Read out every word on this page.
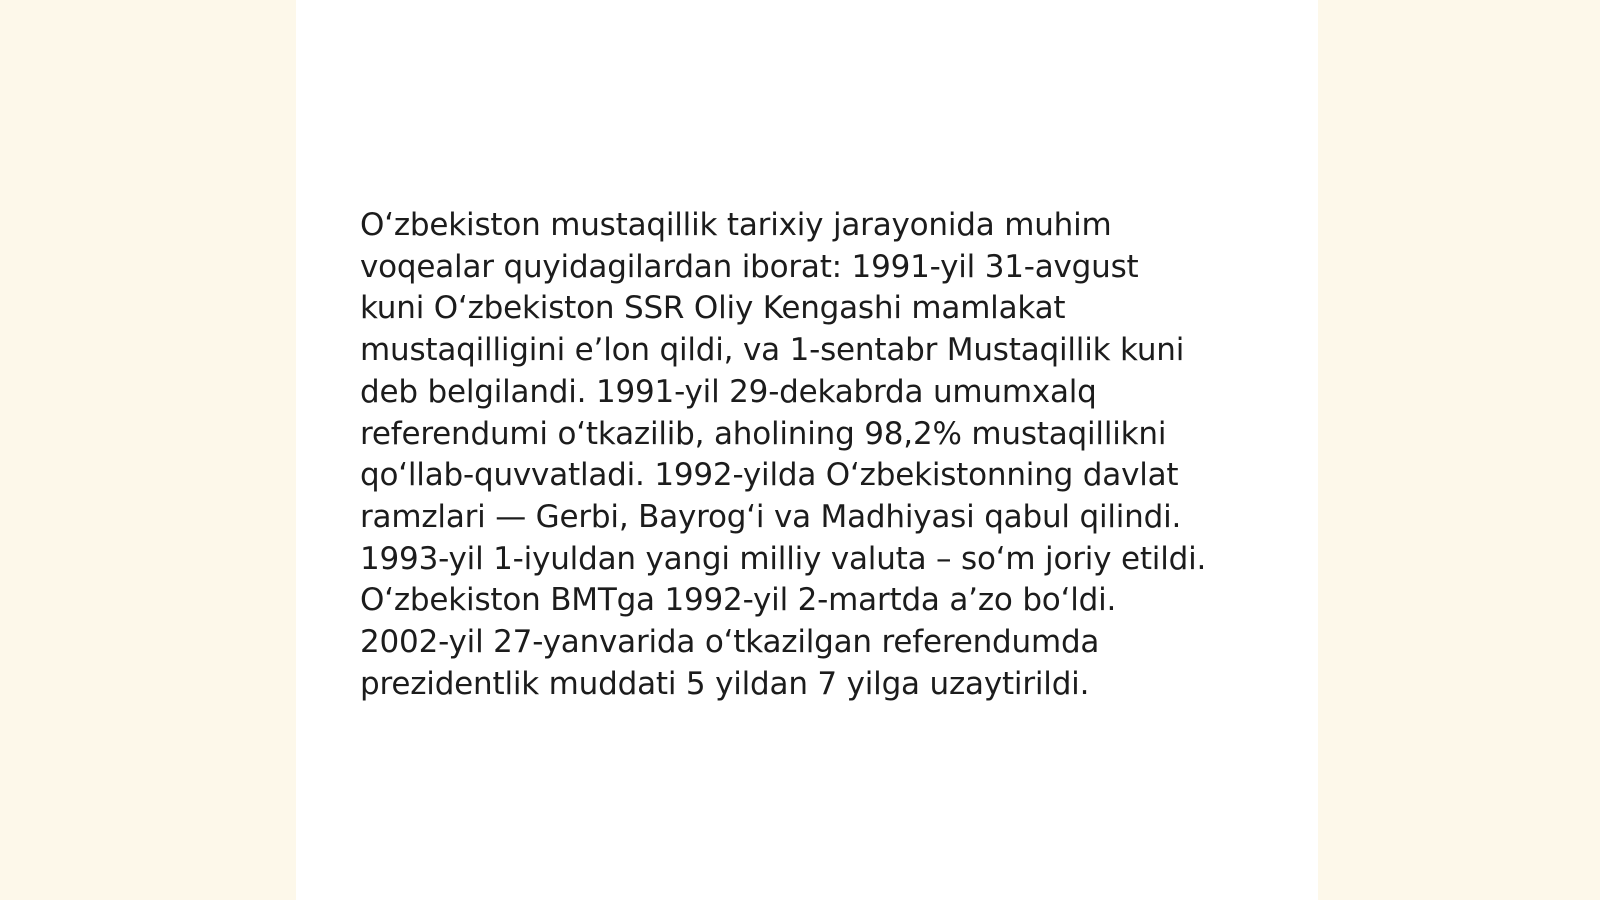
O‘zbekiston mustaqillik tarixiy jarayonida muhim
voqealar quyidagilardan iborat: 1991-yil 31-avgust
kuni O‘zbekiston SSR Oliy Kengashi mamlakat
mustaqilligini e’lon qildi, va 1-sentabr Mustaqillik kuni
deb belgilandi. 1991-yil 29-dekabrda umumxalq
referendumi o‘tkazilib, aholining 98,2% mustaqillikni
qo‘llab-quvvatladi. 1992-yilda O‘zbekistonning davlat
ramzlari — Gerbi, Bayrog‘i va Madhiyasi qabul qilindi.
1993-yil 1-iyuldan yangi milliy valuta – so‘m joriy etildi.
O‘zbekiston BMTga 1992-yil 2-martda a’zo bo‘ldi.
2002-yil 27-yanvarida o‘tkazilgan referendumda
prezidentlik muddati 5 yildan 7 yilga uzaytirildi.
